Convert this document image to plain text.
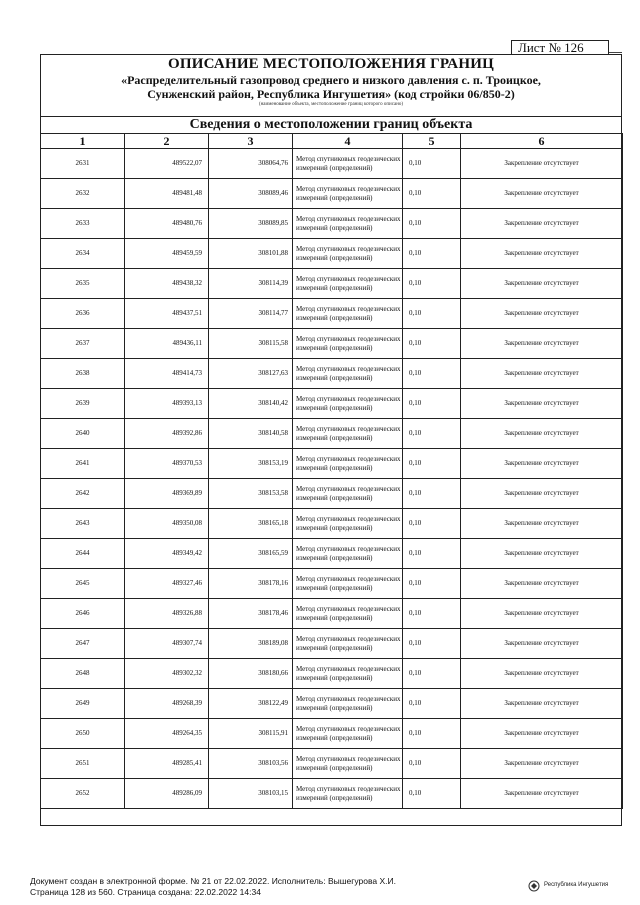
Лист № 126
ОПИСАНИЕ МЕСТОПОЛОЖЕНИЯ ГРАНИЦ
«Распределительный газопровод среднего и низкого давления с. п. Троицкое,
Сунженский район, Республика Ингушетия» (код стройки 06/850-2)
(наименование объекта, местоположение границ которого описано)
Сведения о местоположении границ объекта
1	2	3	4	5	6
2631	489522,07	308064,76	Метод спутниковых геодезических измерений (определений)	0,10	Закрепление отсутствует
2632	489481,48	308089,46	Метод спутниковых геодезических измерений (определений)	0,10	Закрепление отсутствует
2633	489480,76	308089,85	Метод спутниковых геодезических измерений (определений)	0,10	Закрепление отсутствует
2634	489459,59	308101,88	Метод спутниковых геодезических измерений (определений)	0,10	Закрепление отсутствует
2635	489438,32	308114,39	Метод спутниковых геодезических измерений (определений)	0,10	Закрепление отсутствует
2636	489437,51	308114,77	Метод спутниковых геодезических измерений (определений)	0,10	Закрепление отсутствует
2637	489436,11	308115,58	Метод спутниковых геодезических измерений (определений)	0,10	Закрепление отсутствует
2638	489414,73	308127,63	Метод спутниковых геодезических измерений (определений)	0,10	Закрепление отсутствует
2639	489393,13	308140,42	Метод спутниковых геодезических измерений (определений)	0,10	Закрепление отсутствует
2640	489392,86	308140,58	Метод спутниковых геодезических измерений (определений)	0,10	Закрепление отсутствует
2641	489370,53	308153,19	Метод спутниковых геодезических измерений (определений)	0,10	Закрепление отсутствует
2642	489369,89	308153,58	Метод спутниковых геодезических измерений (определений)	0,10	Закрепление отсутствует
2643	489350,08	308165,18	Метод спутниковых геодезических измерений (определений)	0,10	Закрепление отсутствует
2644	489349,42	308165,59	Метод спутниковых геодезических измерений (определений)	0,10	Закрепление отсутствует
2645	489327,46	308178,16	Метод спутниковых геодезических измерений (определений)	0,10	Закрепление отсутствует
2646	489326,88	308178,46	Метод спутниковых геодезических измерений (определений)	0,10	Закрепление отсутствует
2647	489307,74	308189,08	Метод спутниковых геодезических измерений (определений)	0,10	Закрепление отсутствует
2648	489302,32	308180,66	Метод спутниковых геодезических измерений (определений)	0,10	Закрепление отсутствует
2649	489268,39	308122,49	Метод спутниковых геодезических измерений (определений)	0,10	Закрепление отсутствует
2650	489264,35	308115,91	Метод спутниковых геодезических измерений (определений)	0,10	Закрепление отсутствует
2651	489285,41	308103,56	Метод спутниковых геодезических измерений (определений)	0,10	Закрепление отсутствует
2652	489286,09	308103,15	Метод спутниковых геодезических измерений (определений)	0,10	Закрепление отсутствует
Документ создан в электронной форме. № 21 от 22.02.2022. Исполнитель: Вышегурова Х.И.
Страница 128 из 560. Страница создана: 22.02.2022 14:34
Республика Ингушетия
